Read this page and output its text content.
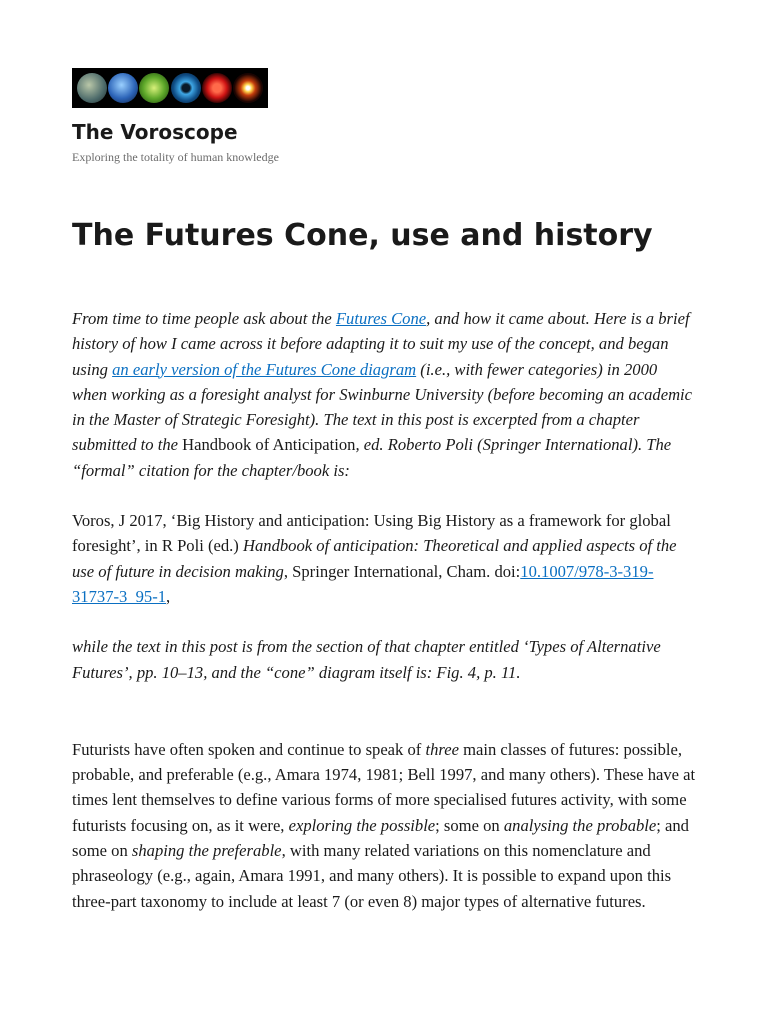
The Voroscope
Exploring the totality of human knowledge
The Futures Cone, use and history

From time to time people ask about the Futures Cone, and how it came about. Here is a brief history of how I came across it before adapting it to suit my use of the concept, and began using an early version of the Futures Cone diagram (i.e., with fewer categories) in 2000 when working as a foresight analyst for Swinburne University (before becoming an academic in the Master of Strategic Foresight). The text in this post is excerpted from a chapter submitted to the Handbook of Anticipation, ed. Roberto Poli (Springer International). The “formal” citation for the chapter/book is:

Voros, J 2017, ‘Big History and anticipation: Using Big History as a framework for global foresight’, in R Poli (ed.) Handbook of anticipation: Theoretical and applied aspects of the use of future in decision making, Springer International, Cham. doi:10.1007/978-3-319-31737-3_95-1,

while the text in this post is from the section of that chapter entitled ‘Types of Alternative Futures’, pp. 10–13, and the “cone” diagram itself is: Fig. 4, p. 11.

Futurists have often spoken and continue to speak of three main classes of futures: possible, probable, and preferable (e.g., Amara 1974, 1981; Bell 1997, and many others). These have at times lent themselves to define various forms of more specialised futures activity, with some futurists focusing on, as it were, exploring the possible; some on analysing the probable; and some on shaping the preferable, with many related variations on this nomenclature and phraseology (e.g., again, Amara 1991, and many others). It is possible to expand upon this three-part taxonomy to include at least 7 (or even 8) major types of alternative futures.
